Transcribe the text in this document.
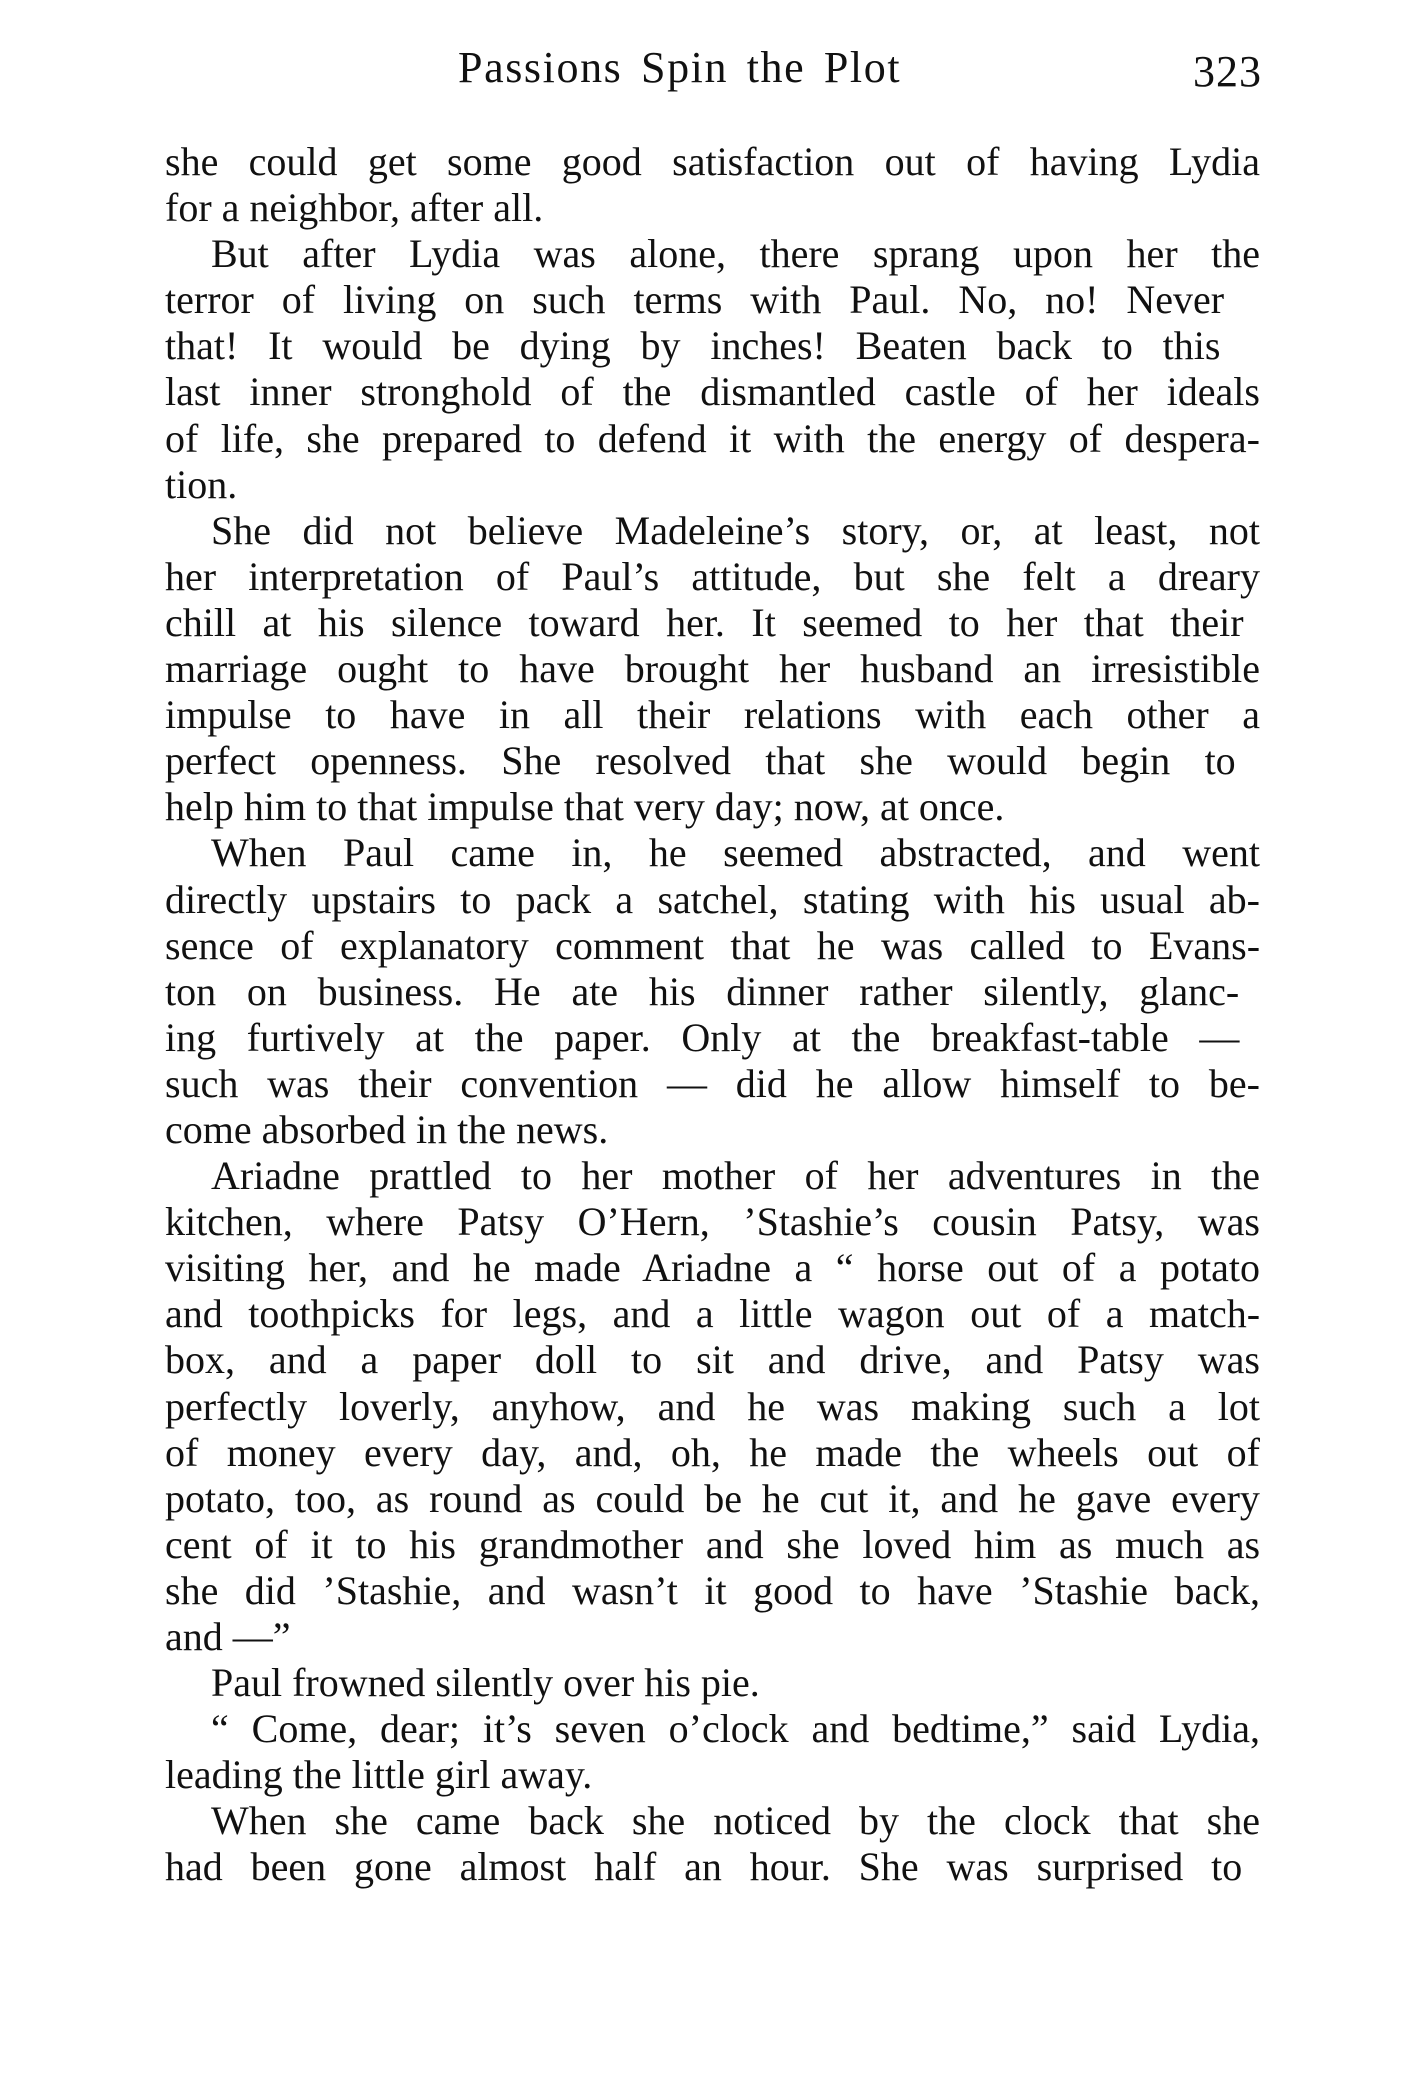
Passions Spin the Plot	323
she could get some good satisfaction out of having Lydia
for a neighbor, after all.
But after Lydia was alone, there sprang upon her the
terror of living on such terms with Paul. No, no! Never
that! It would be dying by inches! Beaten back to this
last inner stronghold of the dismantled castle of her ideals
of life, she prepared to defend it with the energy of despera-
tion.
She did not believe Madeleine’s story, or, at least, not
her interpretation of Paul’s attitude, but she felt a dreary
chill at his silence toward her. It seemed to her that their
marriage ought to have brought her husband an irresistible
impulse to have in all their relations with each other a
perfect openness. She resolved that she would begin to
help him to that impulse that very day; now, at once.
When Paul came in, he seemed abstracted, and went
directly upstairs to pack a satchel, stating with his usual ab-
sence of explanatory comment that he was called to Evans-
ton on business. He ate his dinner rather silently, glanc-
ing furtively at the paper. Only at the breakfast-table —
such was their convention — did he allow himself to be-
come absorbed in the news.
Ariadne prattled to her mother of her adventures in the
kitchen, where Patsy O’Hern, ’Stashie’s cousin Patsy, was
visiting her, and he made Ariadne a “ horse out of a potato
and toothpicks for legs, and a little wagon out of a match-
box, and a paper doll to sit and drive, and Patsy was
perfectly loverly, anyhow, and he was making such a lot
of money every day, and, oh, he made the wheels out of
potato, too, as round as could be he cut it, and he gave every
cent of it to his grandmother and she loved him as much as
she did ’Stashie, and wasn’t it good to have ’Stashie back,
and —”
Paul frowned silently over his pie.
“ Come, dear; it’s seven o’clock and bedtime,” said Lydia,
leading the little girl away.
When she came back she noticed by the clock that she
had been gone almost half an hour. She was surprised to
